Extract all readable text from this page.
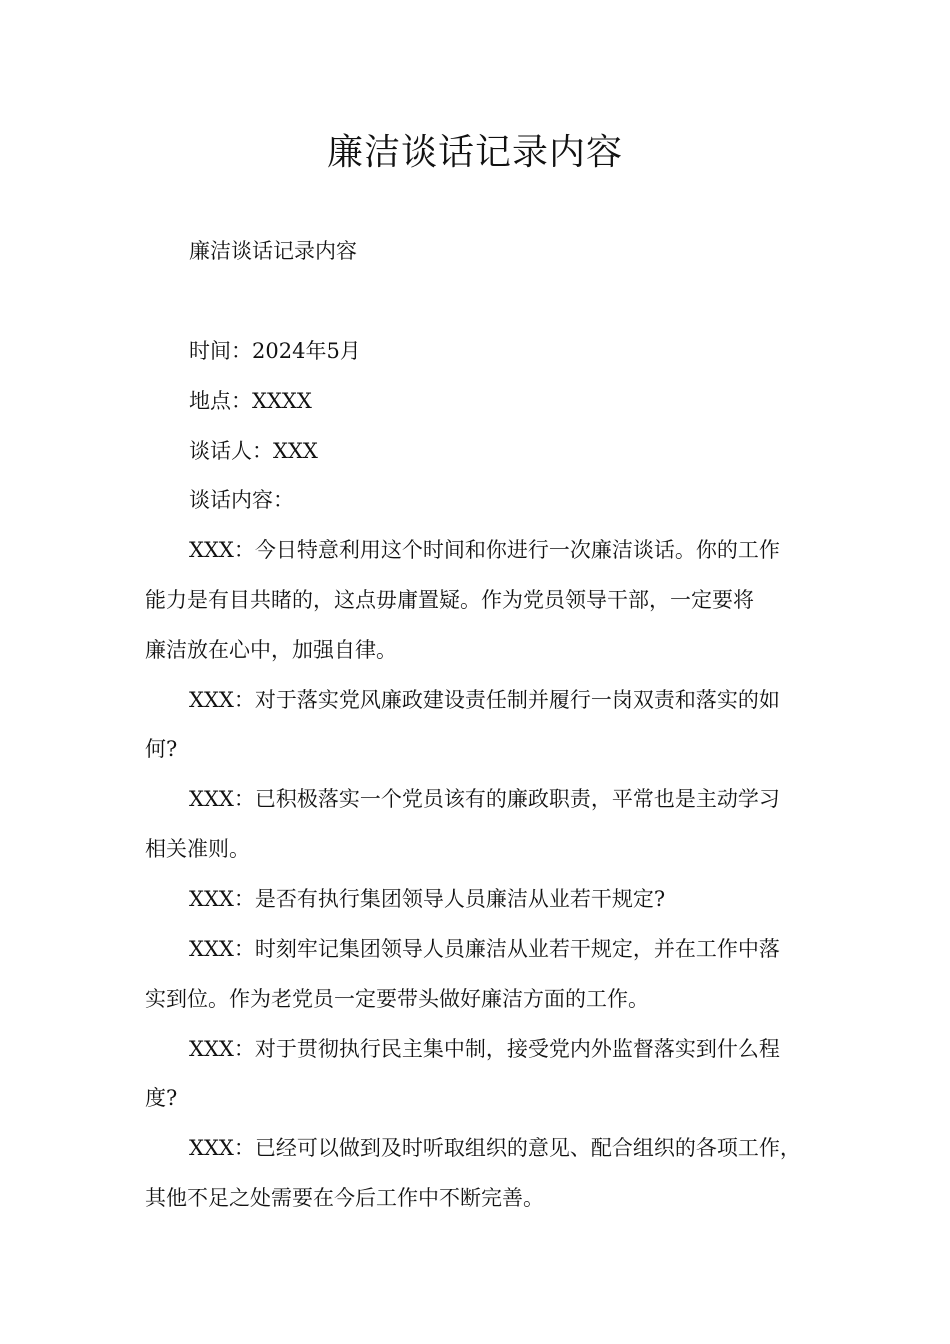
廉洁谈话记录内容
廉洁谈话记录内容
时间：2024年5月
地点：XXXX
谈话人：XXX
谈话内容：
XXX：今日特意利用这个时间和你进行一次廉洁谈话。你的工作
能力是有目共睹的，这点毋庸置疑。作为党员领导干部，一定要将
廉洁放在心中，加强自律。
XXX：对于落实党风廉政建设责任制并履行一岗双责和落实的如
何?
XXX：已积极落实一个党员该有的廉政职责，平常也是主动学习
相关准则。
XXX：是否有执行集团领导人员廉洁从业若干规定?
XXX：时刻牢记集团领导人员廉洁从业若干规定，并在工作中落
实到位。作为老党员一定要带头做好廉洁方面的工作。
XXX：对于贯彻执行民主集中制，接受党内外监督落实到什么程
度?
XXX：已经可以做到及时听取组织的意见、配合组织的各项工作，
其他不足之处需要在今后工作中不断完善。
